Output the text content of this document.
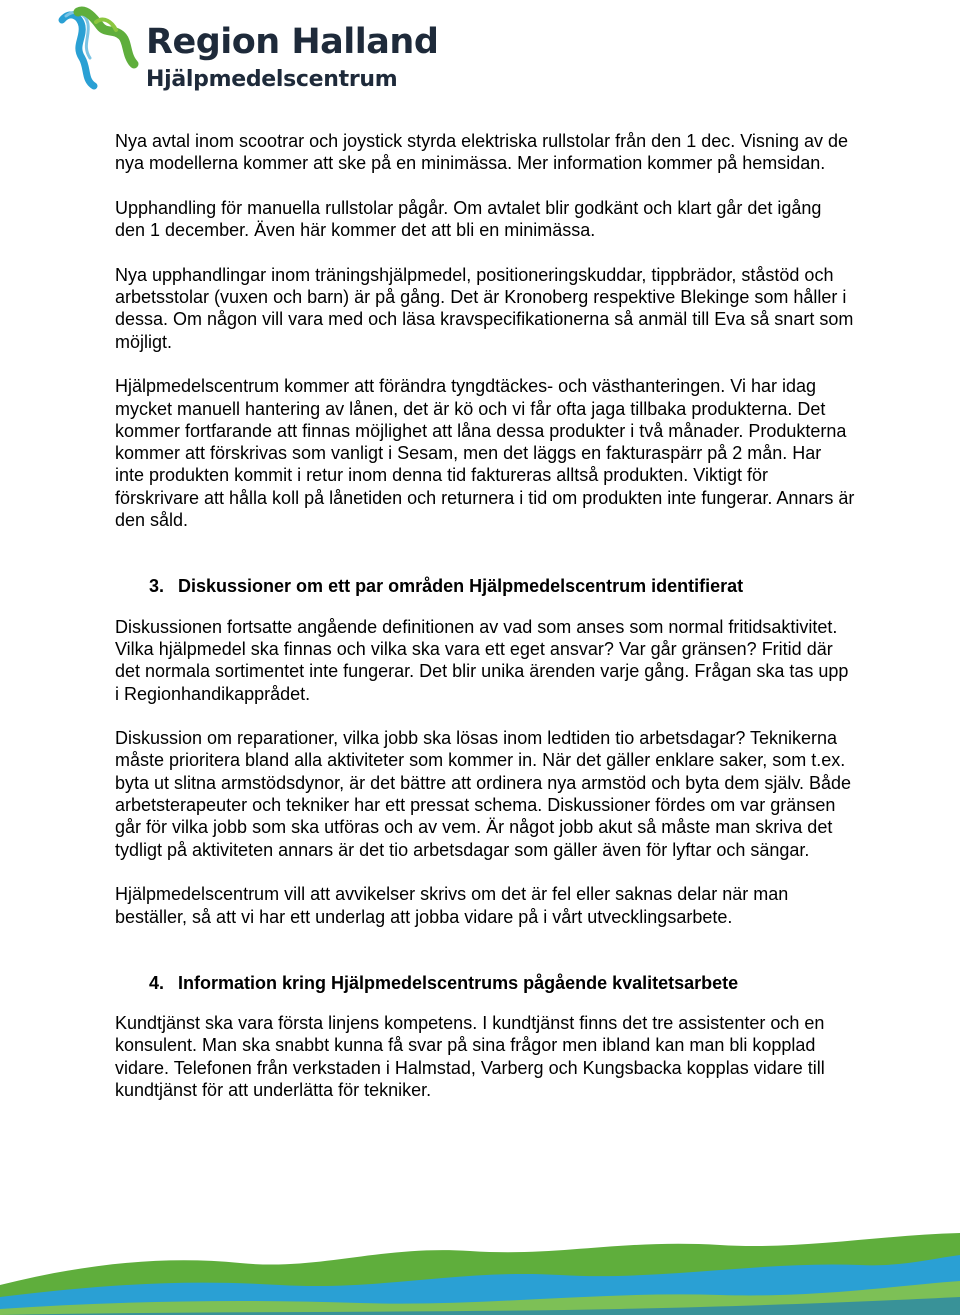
Region Halland
Hjälpmedelscentrum

Nya avtal inom scootrar och joystick styrda elektriska rullstolar från den 1 dec. Visning av de nya modellerna kommer att ske på en minimässa. Mer information kommer på hemsidan.

Upphandling för manuella rullstolar pågår. Om avtalet blir godkänt och klart går det igång den 1 december. Även här kommer det att bli en minimässa.

Nya upphandlingar inom träningshjälpmedel, positioneringskuddar, tippbrädor, ståstöd och arbetsstolar (vuxen och barn) är på gång. Det är Kronoberg respektive Blekinge som håller i dessa. Om någon vill vara med och läsa kravspecifikationerna så anmäl till Eva så snart som möjligt.

Hjälpmedelscentrum kommer att förändra tyngdtäckes- och västhanteringen. Vi har idag mycket manuell hantering av lånen, det är kö och vi får ofta jaga tillbaka produkterna. Det kommer fortfarande att finnas möjlighet att låna dessa produkter i två månader. Produkterna kommer att förskrivas som vanligt i Sesam, men det läggs en fakturaspärr på 2 mån. Har inte produkten kommit i retur inom denna tid faktureras alltså produkten. Viktigt för förskrivare att hålla koll på lånetiden och returnera i tid om produkten inte fungerar. Annars är den såld.

3. Diskussioner om ett par områden Hjälpmedelscentrum identifierat

Diskussionen fortsatte angående definitionen av vad som anses som normal fritidsaktivitet. Vilka hjälpmedel ska finnas och vilka ska vara ett eget ansvar? Var går gränsen? Fritid där det normala sortimentet inte fungerar. Det blir unika ärenden varje gång. Frågan ska tas upp i Regionhandikapprådet.

Diskussion om reparationer, vilka jobb ska lösas inom ledtiden tio arbetsdagar? Teknikerna måste prioritera bland alla aktiviteter som kommer in. När det gäller enklare saker, som t.ex. byta ut slitna armstödsdynor, är det bättre att ordinera nya armstöd och byta dem själv. Både arbetsterapeuter och tekniker har ett pressat schema. Diskussioner fördes om var gränsen går för vilka jobb som ska utföras och av vem. Är något jobb akut så måste man skriva det tydligt på aktiviteten annars är det tio arbetsdagar som gäller även för lyftar och sängar.

Hjälpmedelscentrum vill att avvikelser skrivs om det är fel eller saknas delar när man beställer, så att vi har ett underlag att jobba vidare på i vårt utvecklingsarbete.

4. Information kring Hjälpmedelscentrums pågående kvalitetsarbete

Kundtjänst ska vara första linjens kompetens. I kundtjänst finns det tre assistenter och en konsulent. Man ska snabbt kunna få svar på sina frågor men ibland kan man bli kopplad vidare. Telefonen från verkstaden i Halmstad, Varberg och Kungsbacka kopplas vidare till kundtjänst för att underlätta för tekniker.
